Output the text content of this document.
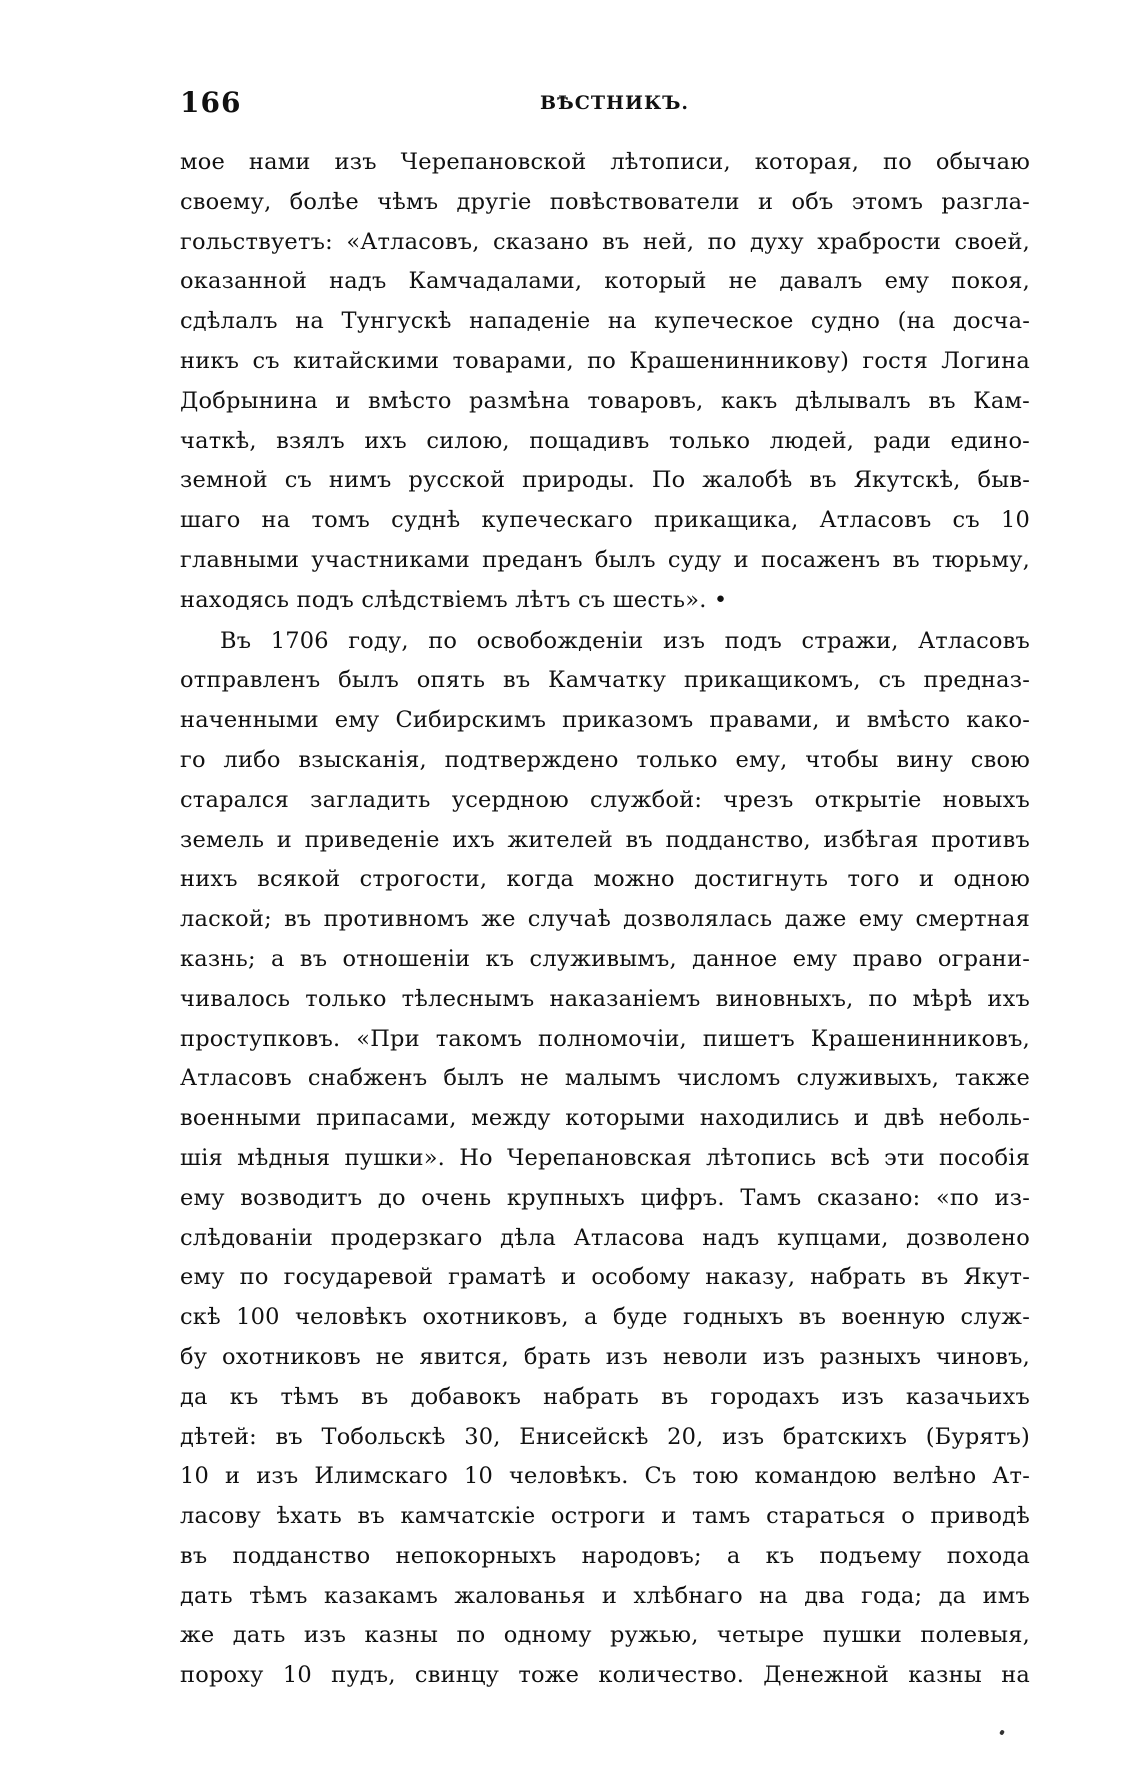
166	ВѢСТНИКЪ.
мое нами изъ Черепановской лѣтописи, которая, по обычаю
своему, болѣе чѣмъ другіе повѣствователи и объ этомъ разгла-
гольствуетъ: «Атласовъ, сказано въ ней, по духу храбрости своей,
оказанной надъ Камчадалами, который не давалъ ему покоя,
сдѣлалъ на Тунгускѣ нападеніе на купеческое судно (на досча-
никъ съ китайскими товарами, по Крашенинникову) гостя Логина
Добрынина и вмѣсто размѣна товаровъ, какъ дѣлывалъ въ Кам-
чаткѣ, взялъ ихъ силою, пощадивъ только людей, ради едино-
земной съ нимъ русской природы. По жалобѣ въ Якутскѣ, быв-
шаго на томъ суднѣ купеческаго прикащика, Атласовъ съ 10
главными участниками преданъ былъ суду и посаженъ въ тюрьму,
находясь подъ слѣдствіемъ лѣтъ съ шесть». •
Въ 1706 году, по освобожденіи изъ подъ стражи, Атласовъ
отправленъ былъ опять въ Камчатку прикащикомъ, съ предназ-
наченными ему Сибирскимъ приказомъ правами, и вмѣсто како-
го либо взысканія, подтверждено только ему, чтобы вину свою
старался загладить усердною службой: чрезъ открытіе новыхъ
земель и приведеніе ихъ жителей въ подданство, избѣгая противъ
нихъ всякой строгости, когда можно достигнуть того и одною
лаской; въ противномъ же случаѣ дозволялась даже ему смертная
казнь; а въ отношеніи къ служивымъ, данное ему право ограни-
чивалось только тѣлеснымъ наказаніемъ виновныхъ, по мѣрѣ ихъ
проступковъ. «При такомъ полномочіи, пишетъ Крашенинниковъ,
Атласовъ снабженъ былъ не малымъ числомъ служивыхъ, также
военными припасами, между которыми находились и двѣ неболь-
шія мѣдныя пушки». Но Черепановская лѣтопись всѣ эти пособія
ему возводитъ до очень крупныхъ цифръ. Тамъ сказано: «по из-
слѣдованіи продерзкаго дѣла Атласова надъ купцами, дозволено
ему по государевой граматѣ и особому наказу, набрать въ Якут-
скѣ 100 человѣкъ охотниковъ, а буде годныхъ въ военную служ-
бу охотниковъ не явится, брать изъ неволи изъ разныхъ чиновъ,
да къ тѣмъ въ добавокъ набрать въ городахъ изъ казачьихъ
дѣтей: въ Тобольскѣ 30, Енисейскѣ 20, изъ братскихъ (Бурятъ)
10 и изъ Илимскаго 10 человѣкъ. Съ тою командою велѣно Ат-
ласову ѣхать въ камчатскіе остроги и тамъ стараться о приводѣ
въ подданство непокорныхъ народовъ; а къ подъему похода
дать тѣмъ казакамъ жалованья и хлѣбнаго на два года; да имъ
же дать изъ казны по одному ружью, четыре пушки полевыя,
пороху 10 пудъ, свинцу тоже количество. Денежной казны на
